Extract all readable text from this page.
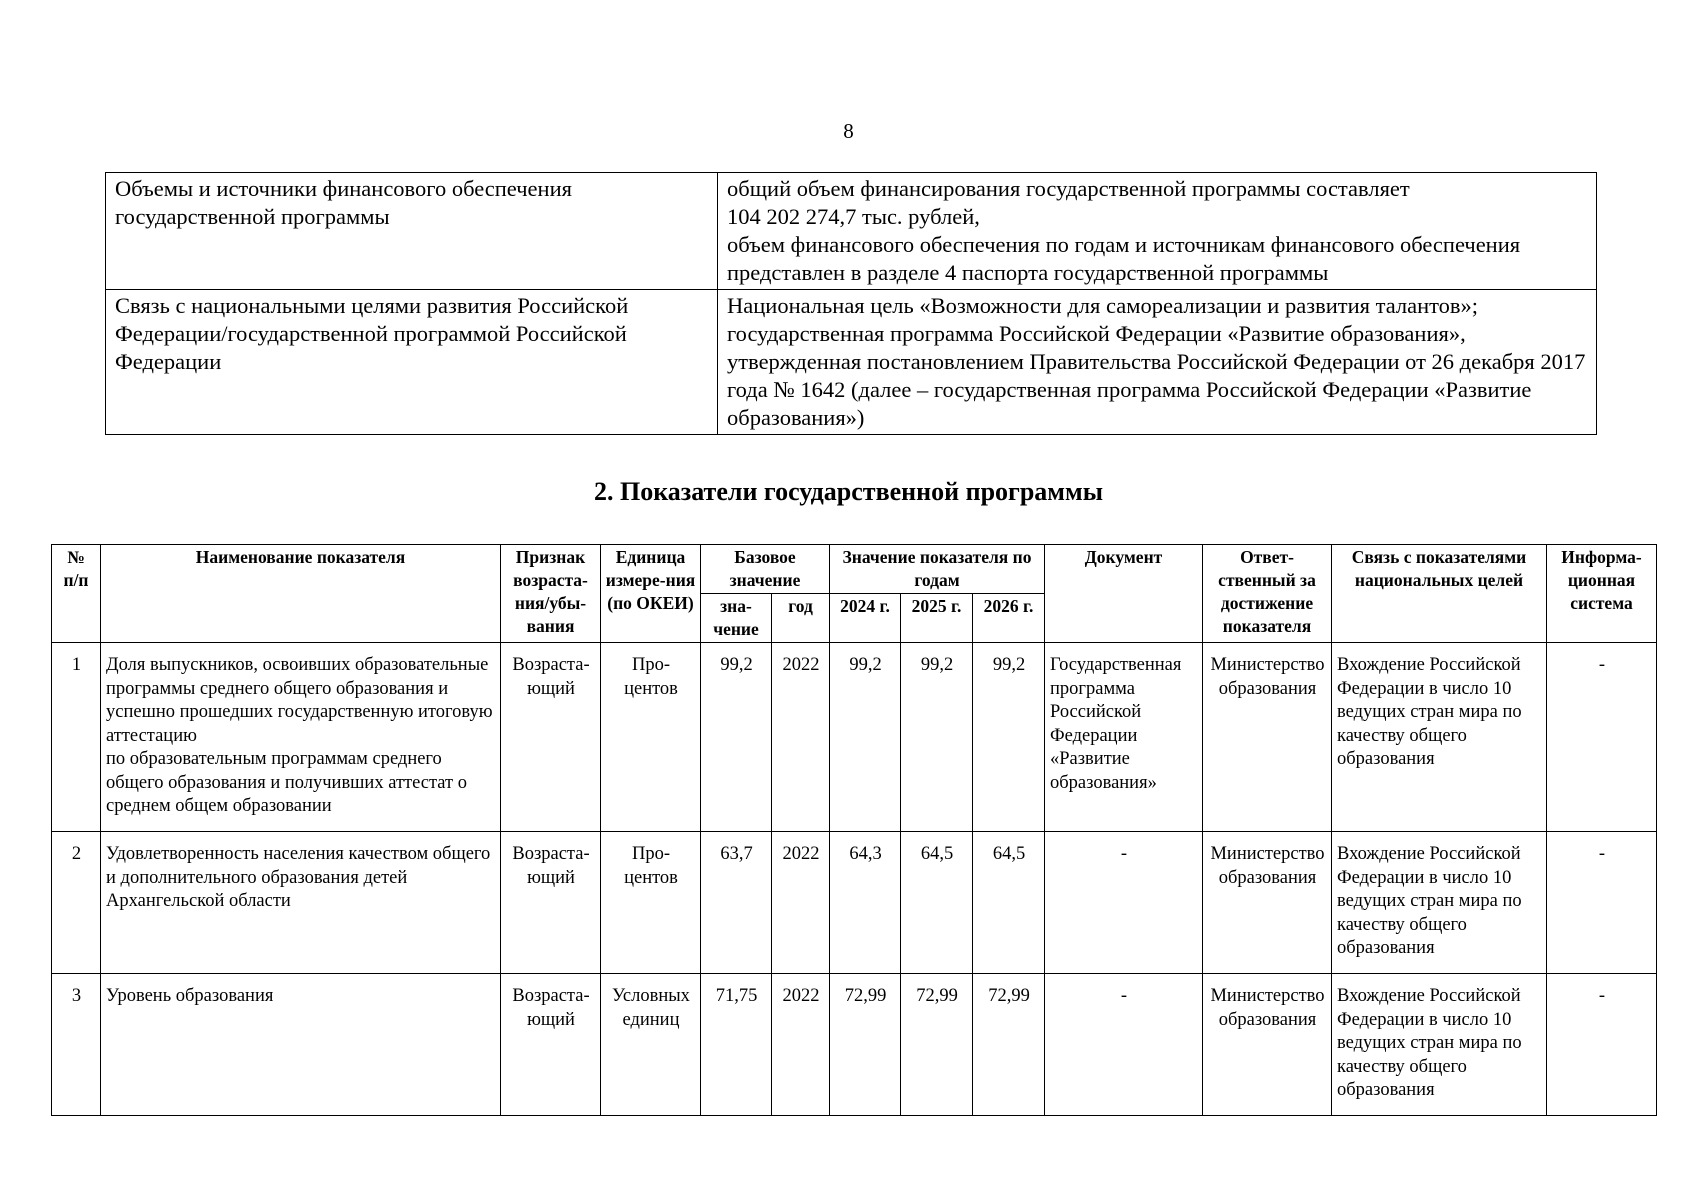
8
Объемы и источники финансового обеспечения
государственной программы	общий объем финансирования государственной программы составляет
104 202 274,7 тыс. рублей,
объем финансового обеспечения по годам и источникам финансового обеспечения представлен в разделе 4 паспорта государственной программы
Связь с национальными целями развития Российской Федерации/государственной программой Российской Федерации	Национальная цель «Возможности для самореализации и развития талантов»;
государственная программа Российской Федерации «Развитие образования», утвержденная постановлением Правительства Российской Федерации от 26 декабря 2017 года № 1642 (далее – государственная программа Российской Федерации «Развитие образования»)
2. Показатели государственной программы
№
п/п	Наименование показателя	Признак возраста-ния/убы-вания	Единица измере-ния (по ОКЕИ)	Базовое значение		Значение показателя по годам			Документ	Ответ-ственный за достижение показателя	Связь с показателями национальных целей	Информа-ционная система
				зна-чение	год	2024 г.	2025 г.	2026 г.				
1	Доля выпускников, освоивших образовательные программы среднего общего образования и успешно прошедших государственную итоговую аттестацию
по образовательным программам среднего общего образования и получивших аттестат о среднем общем образовании	Возраста-ющий	Про-центов	99,2	2022	99,2	99,2	99,2	Государственная программа Российской Федерации «Развитие образования»	Министерство образования	Вхождение Российской Федерации в число 10 ведущих стран мира по качеству общего образования	-
2	Удовлетворенность населения качеством общего и дополнительного образования детей Архангельской области	Возраста-ющий	Про-центов	63,7	2022	64,3	64,5	64,5	-	Министерство образования	Вхождение Российской Федерации в число 10 ведущих стран мира по качеству общего образования	-
3	Уровень образования	Возраста-ющий	Условных единиц	71,75	2022	72,99	72,99	72,99	-	Министерство образования	Вхождение Российской Федерации в число 10 ведущих стран мира по качеству общего образования	-
